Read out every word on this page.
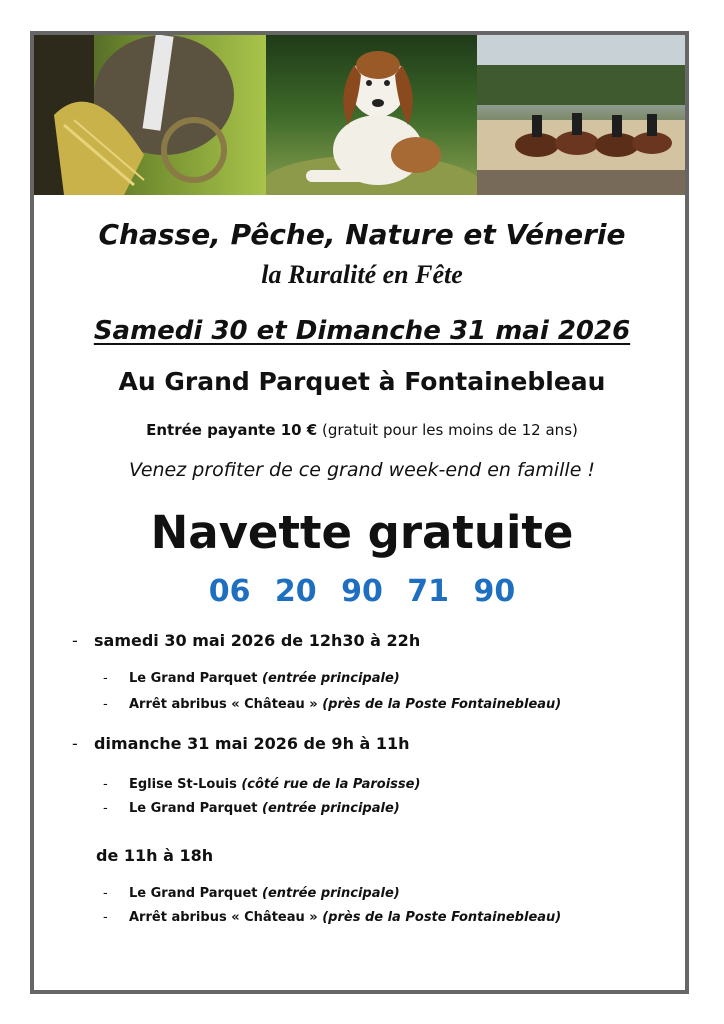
Chasse, Pêche, Nature et Vénerie

la Ruralité en Fête

Samedi 30 et Dimanche 31 mai 2026

Au Grand Parquet à Fontainebleau

Entrée payante 10 € (gratuit pour les moins de 12 ans)

Venez profiter de ce grand week-end en famille !

Navette gratuite

06 20 90 71 90

- samedi 30 mai 2026 de 12h30 à 22h
- Le Grand Parquet (entrée principale)
- Arrêt abribus « Château » (près de la Poste Fontainebleau)
- dimanche 31 mai 2026 de 9h à 11h
- Eglise St-Louis (côté rue de la Paroisse)
- Le Grand Parquet (entrée principale)
de 11h à 18h
- Le Grand Parquet (entrée principale)
- Arrêt abribus « Château » (près de la Poste Fontainebleau)
